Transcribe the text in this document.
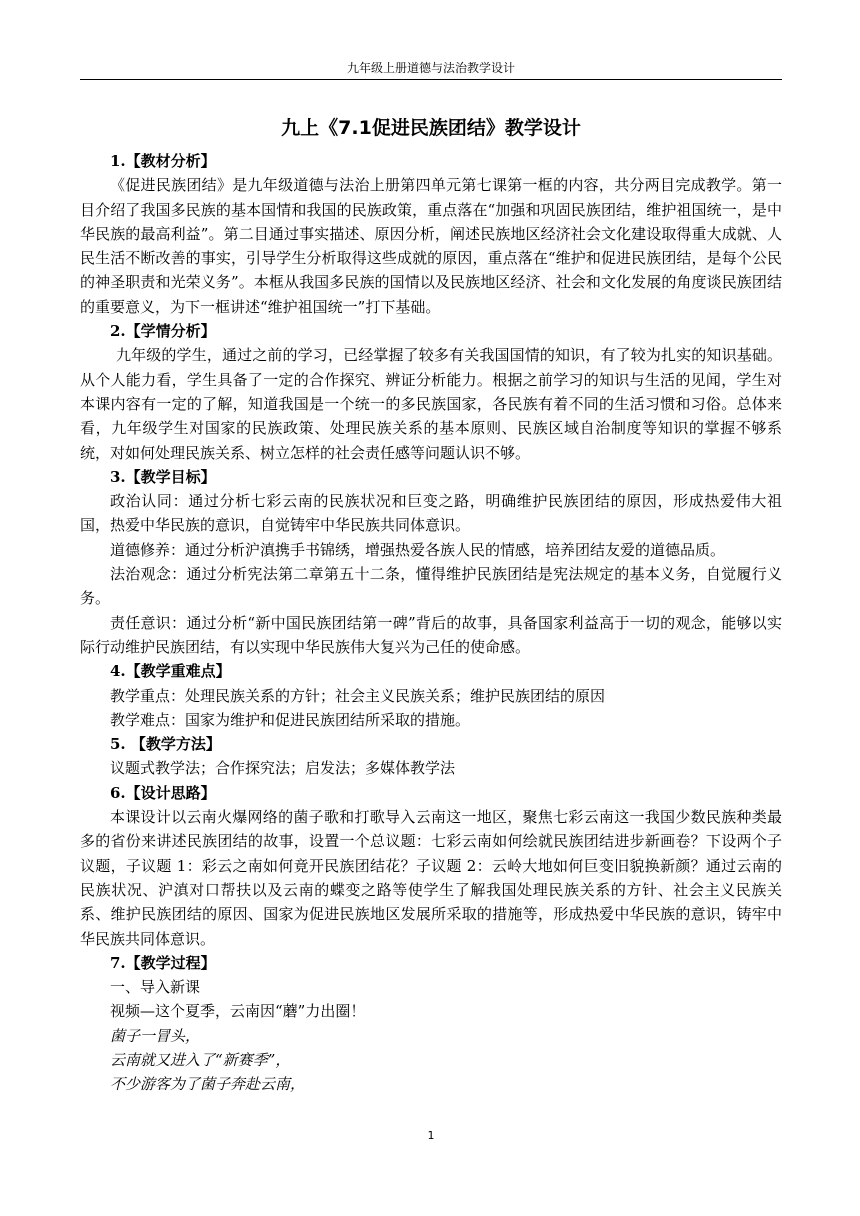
九年级上册道德与法治教学设计
九上《7.1促进民族团结》教学设计

1.【教材分析】

《促进民族团结》是九年级道德与法治上册第四单元第七课第一框的内容，共分两目完成教学。第一目介绍了我国多民族的基本国情和我国的民族政策，重点落在“加强和巩固民族团结，维护祖国统一，是中华民族的最高利益”。第二目通过事实描述、原因分析，阐述民族地区经济社会文化建设取得重大成就、人民生活不断改善的事实，引导学生分析取得这些成就的原因，重点落在“维护和促进民族团结，是每个公民的神圣职责和光荣义务”。本框从我国多民族的国情以及民族地区经济、社会和文化发展的角度谈民族团结的重要意义，为下一框讲述“维护祖国统一”打下基础。

2.【学情分析】

九年级的学生，通过之前的学习，已经掌握了较多有关我国国情的知识，有了较为扎实的知识基础。从个人能力看，学生具备了一定的合作探究、辨证分析能力。根据之前学习的知识与生活的见闻，学生对本课内容有一定的了解，知道我国是一个统一的多民族国家，各民族有着不同的生活习惯和习俗。总体来看，九年级学生对国家的民族政策、处理民族关系的基本原则、民族区域自治制度等知识的掌握不够系统，对如何处理民族关系、树立怎样的社会责任感等问题认识不够。

3.【教学目标】

政治认同：通过分析七彩云南的民族状况和巨变之路，明确维护民族团结的原因，形成热爱伟大祖国，热爱中华民族的意识，自觉铸牢中华民族共同体意识。

道德修养：通过分析沪滇携手书锦绣，增强热爱各族人民的情感，培养团结友爱的道德品质。

法治观念：通过分析宪法第二章第五十二条，懂得维护民族团结是宪法规定的基本义务，自觉履行义务。

责任意识：通过分析“新中国民族团结第一碑”背后的故事，具备国家利益高于一切的观念，能够以实际行动维护民族团结，有以实现中华民族伟大复兴为己任的使命感。

4.【教学重难点】

教学重点：处理民族关系的方针；社会主义民族关系；维护民族团结的原因

教学难点：国家为维护和促进民族团结所采取的措施。

5. 【教学方法】

议题式教学法；合作探究法；启发法；多媒体教学法

6.【设计思路】

本课设计以云南火爆网络的菌子歌和打歌导入云南这一地区，聚焦七彩云南这一我国少数民族种类最多的省份来讲述民族团结的故事，设置一个总议题：七彩云南如何绘就民族团结进步新画卷？下设两个子议题，子议题 1：彩云之南如何竟开民族团结花？子议题 2：云岭大地如何巨变旧貌换新颜？通过云南的民族状况、沪滇对口帮扶以及云南的蝶变之路等使学生了解我国处理民族关系的方针、社会主义民族关系、维护民族团结的原因、国家为促进民族地区发展所采取的措施等，形成热爱中华民族的意识，铸牢中华民族共同体意识。

7.【教学过程】

一、导入新课

视频—这个夏季，云南因“蘑”力出圈！

菌子一冒头，

云南就又进入了“新赛季”，

不少游客为了菌子奔赴云南，

1
